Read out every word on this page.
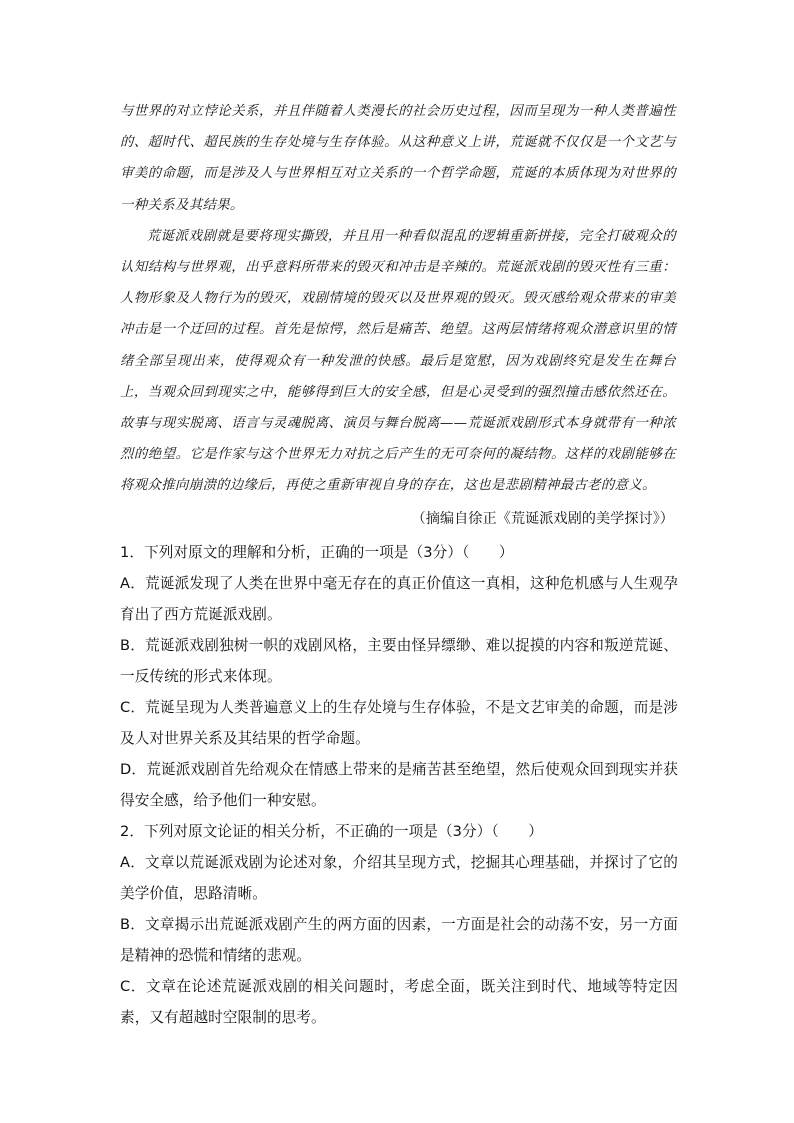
与世界的对立悖论关系，并且伴随着人类漫长的社会历史过程，因而呈现为一种人类普遍性的、超时代、超民族的生存处境与生存体验。从这种意义上讲，荒诞就不仅仅是一个文艺与审美的命题，而是涉及人与世界相互对立关系的一个哲学命题，荒诞的本质体现为对世界的一种关系及其结果。

荒诞派戏剧就是要将现实撕毁，并且用一种看似混乱的逻辑重新拼接，完全打破观众的认知结构与世界观，出乎意料所带来的毁灭和冲击是辛辣的。荒诞派戏剧的毁灭性有三重：人物形象及人物行为的毁灭，戏剧情境的毁灭以及世界观的毁灭。毁灭感给观众带来的审美冲击是一个迂回的过程。首先是惊愕，然后是痛苦、绝望。这两层情绪将观众潜意识里的情绪全部呈现出来，使得观众有一种发泄的快感。最后是宽慰，因为戏剧终究是发生在舞台上，当观众回到现实之中，能够得到巨大的安全感，但是心灵受到的强烈撞击感依然还在。故事与现实脱离、语言与灵魂脱离、演员与舞台脱离——荒诞派戏剧形式本身就带有一种浓烈的绝望。它是作家与这个世界无力对抗之后产生的无可奈何的凝结物。这样的戏剧能够在将观众推向崩溃的边缘后，再使之重新审视自身的存在，这也是悲剧精神最古老的意义。

（摘编自徐正《荒诞派戏剧的美学探讨》）

1．下列对原文的理解和分析，正确的一项是（3分）（　　）

A．荒诞派发现了人类在世界中毫无存在的真正价值这一真相，这种危机感与人生观孕育出了西方荒诞派戏剧。

B．荒诞派戏剧独树一帜的戏剧风格，主要由怪异缥缈、难以捉摸的内容和叛逆荒诞、一反传统的形式来体现。

C．荒诞呈现为人类普遍意义上的生存处境与生存体验，不是文艺审美的命题，而是涉及人对世界关系及其结果的哲学命题。

D．荒诞派戏剧首先给观众在情感上带来的是痛苦甚至绝望，然后使观众回到现实并获得安全感，给予他们一种安慰。

2．下列对原文论证的相关分析，不正确的一项是（3分）（　　）

A．文章以荒诞派戏剧为论述对象，介绍其呈现方式，挖掘其心理基础，并探讨了它的美学价值，思路清晰。

B．文章揭示出荒诞派戏剧产生的两方面的因素，一方面是社会的动荡不安，另一方面是精神的恐慌和情绪的悲观。

C．文章在论述荒诞派戏剧的相关问题时，考虑全面，既关注到时代、地域等特定因素，又有超越时空限制的思考。
